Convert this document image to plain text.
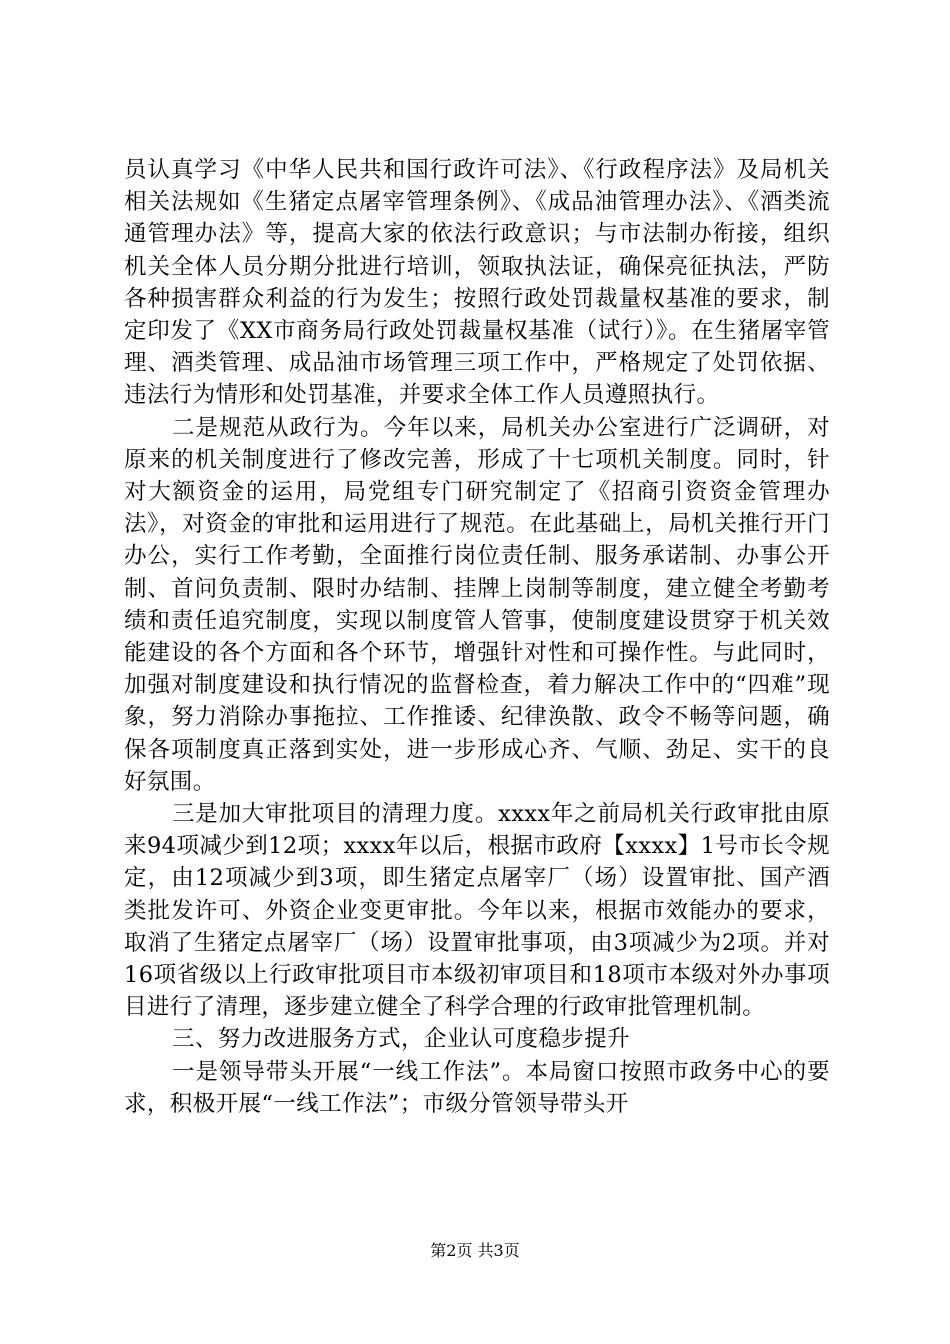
员认真学习《中华人民共和国行政许可法》、《行政程序法》及局机关相关法规如《生猪定点屠宰管理条例》、《成品油管理办法》、《酒类流通管理办法》等，提高大家的依法行政意识；与市法制办衔接，组织机关全体人员分期分批进行培训，领取执法证，确保亮征执法，严防各种损害群众利益的行为发生；按照行政处罚裁量权基准的要求，制定印发了《XX市商务局行政处罚裁量权基准（试行）》。在生猪屠宰管理、酒类管理、成品油市场管理三项工作中，严格规定了处罚依据、违法行为情形和处罚基准，并要求全体工作人员遵照执行。

二是规范从政行为。今年以来，局机关办公室进行广泛调研，对原来的机关制度进行了修改完善，形成了十七项机关制度。同时，针对大额资金的运用，局党组专门研究制定了《招商引资资金管理办法》，对资金的审批和运用进行了规范。在此基础上，局机关推行开门办公，实行工作考勤，全面推行岗位责任制、服务承诺制、办事公开制、首问负责制、限时办结制、挂牌上岗制等制度，建立健全考勤考绩和责任追究制度，实现以制度管人管事，使制度建设贯穿于机关效能建设的各个方面和各个环节，增强针对性和可操作性。与此同时，加强对制度建设和执行情况的监督检查，着力解决工作中的“四难”现象，努力消除办事拖拉、工作推诿、纪律涣散、政令不畅等问题，确保各项制度真正落到实处，进一步形成心齐、气顺、劲足、实干的良好氛围。

三是加大审批项目的清理力度。xxxx年之前局机关行政审批由原来94项减少到12项；xxxx年以后，根据市政府【xxxx】1号市长令规定，由12项减少到3项，即生猪定点屠宰厂（场）设置审批、国产酒类批发许可、外资企业变更审批。今年以来，根据市效能办的要求，取消了生猪定点屠宰厂（场）设置审批事项，由3项减少为2项。并对16项省级以上行政审批项目市本级初审项目和18项市本级对外办事项目进行了清理，逐步建立健全了科学合理的行政审批管理机制。

三、努力改进服务方式，企业认可度稳步提升

一是领导带头开展“一线工作法”。本局窗口按照市政务中心的要求，积极开展“一线工作法”；市级分管领导带头开

第2页 共3页
